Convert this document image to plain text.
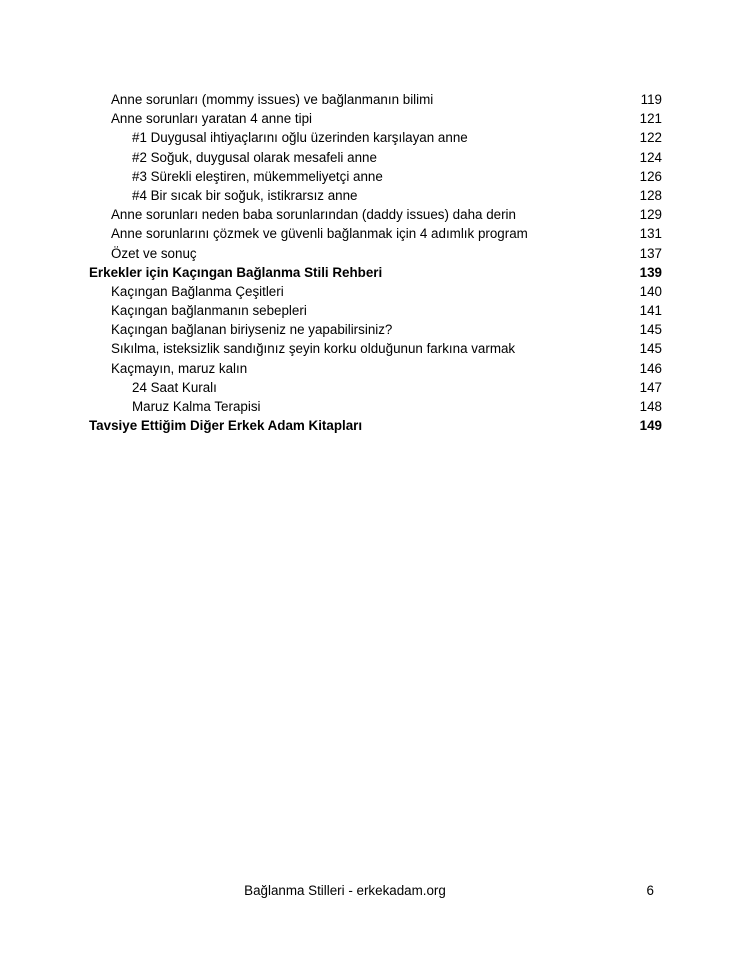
Anne sorunları (mommy issues) ve bağlanmanın bilimi	119
Anne sorunları yaratan 4 anne tipi	121
#1 Duygusal ihtiyaçlarını oğlu üzerinden karşılayan anne	122
#2 Soğuk, duygusal olarak mesafeli anne	124
#3 Sürekli eleştiren, mükemmeliyetçi anne	126
#4 Bir sıcak bir soğuk, istikrarsız anne	128
Anne sorunları neden baba sorunlarından (daddy issues) daha derin	129
Anne sorunlarını çözmek ve güvenli bağlanmak için 4 adımlık program	131
Özet ve sonuç	137
Erkekler için Kaçıngan Bağlanma Stili Rehberi	139
Kaçıngan Bağlanma Çeşitleri	140
Kaçıngan bağlanmanın sebepleri	141
Kaçıngan bağlanan biriyseniz ne yapabilirsiniz?	145
Sıkılma, isteksizlik sandığınız şeyin korku olduğunun farkına varmak	145
Kaçmayın, maruz kalın	146
24 Saat Kuralı	147
Maruz Kalma Terapisi	148
Tavsiye Ettiğim Diğer Erkek Adam Kitapları	149
Bağlanma Stilleri - erkekadam.org	6
